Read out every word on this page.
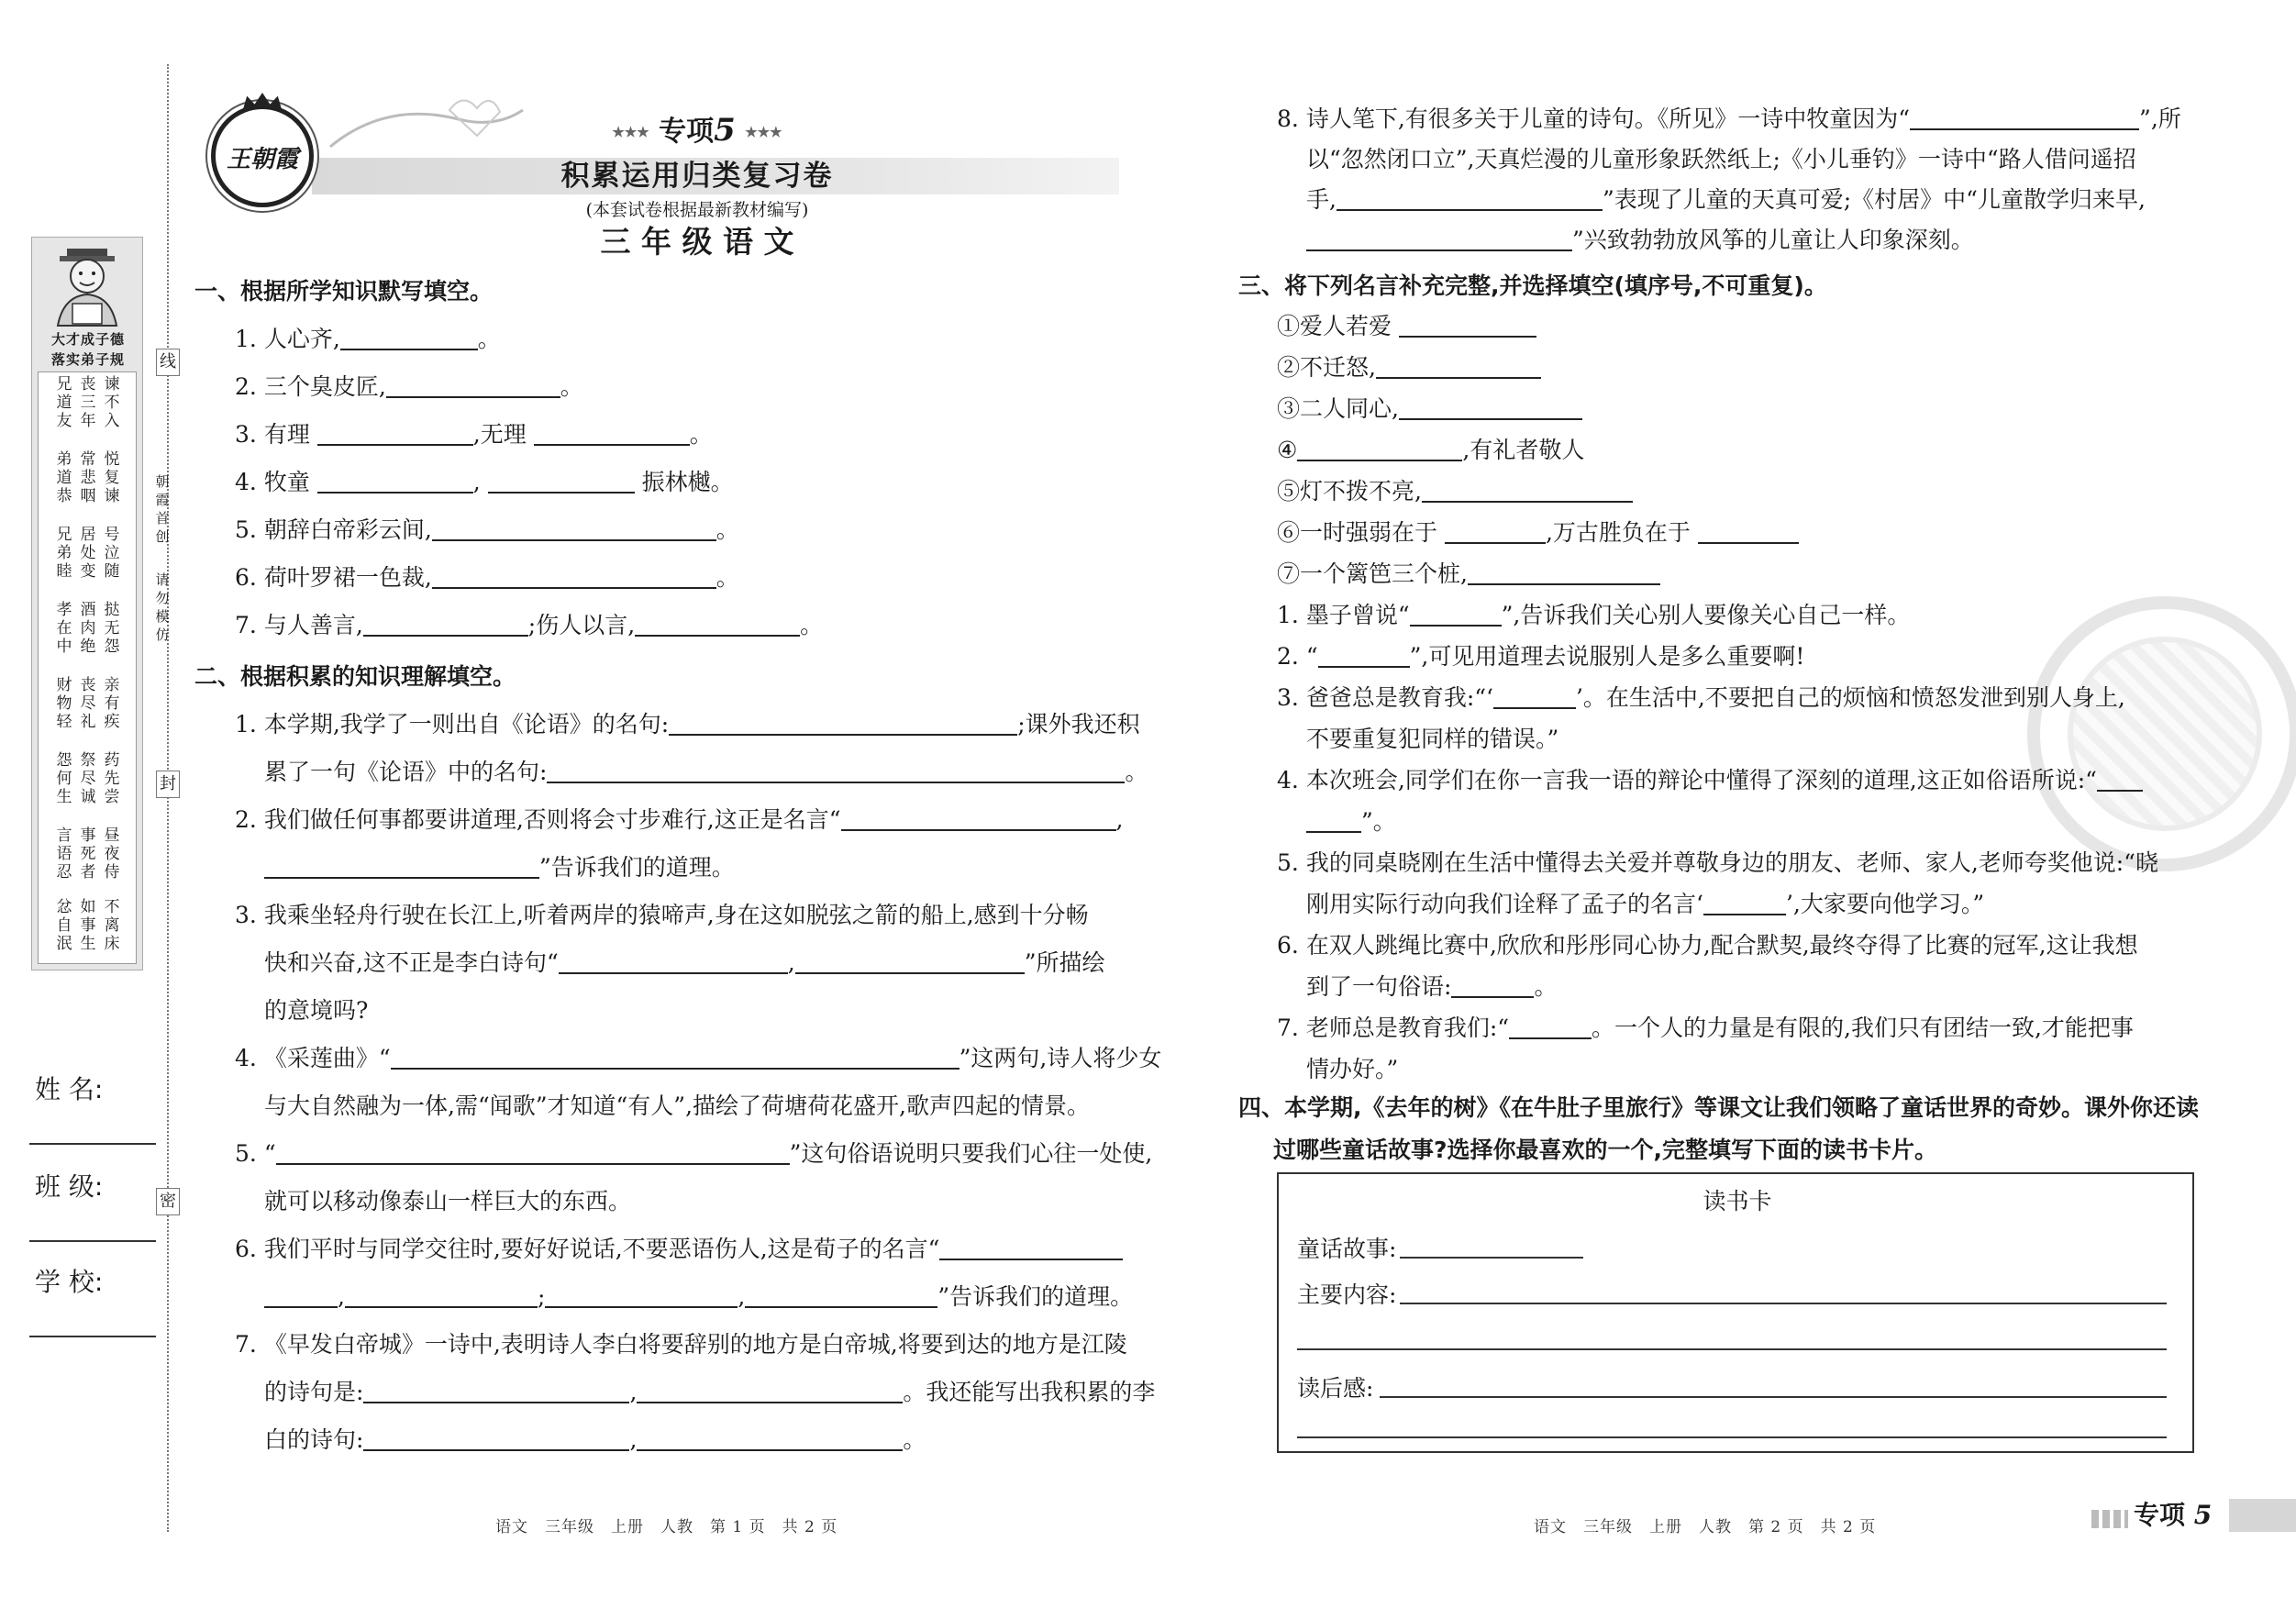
线
封
密
朝霞首创
请勿模仿
大才成子德
落实弟子规
兄道友
丧三年
谏不入
弟道恭
常悲咽
悦复谏
兄弟睦
居处变
号泣随
孝在中
酒肉绝
挞无怨
财物轻
丧尽礼
亲有疾
怨何生
祭尽诚
药先尝
言语忍
事死者
昼夜侍
忿自泯
如事生
不离床
姓 名:
班 级:
学 校:
王朝霞
★★★ 专项5 ★★★
积累运用归类复习卷
(本套试卷根据最新教材编写)
三 年 级 语 文
一、根据所学知识默写填空。
1. 人心齐,	。
2. 三个臭皮匠,	。
3. 有理	,无理	。
4. 牧童	,	振林樾。
5. 朝辞白帝彩云间,	。
6. 荷叶罗裙一色裁,	。
7. 与人善言,	;伤人以言,	。
二、根据积累的知识理解填空。
1. 本学期,我学了一则出自《论语》的名句:	;课外我还积
累了一句《论语》中的名句:	。
2. 我们做任何事都要讲道理,否则将会寸步难行,这正是名言“	,
”告诉我们的道理。
3. 我乘坐轻舟行驶在长江上,听着两岸的猿啼声,身在这如脱弦之箭的船上,感到十分畅
快和兴奋,这不正是李白诗句“	,	”所描绘
的意境吗?
4. 《采莲曲》“	”这两句,诗人将少女
与大自然融为一体,需“闻歌”才知道“有人”,描绘了荷塘荷花盛开,歌声四起的情景。
5. “	”这句俗语说明只要我们心往一处使,
就可以移动像泰山一样巨大的东西。
6. 我们平时与同学交往时,要好好说话,不要恶语伤人,这是荀子的名言“
,	;	,	”告诉我们的道理。
7. 《早发白帝城》一诗中,表明诗人李白将要辞别的地方是白帝城,将要到达的地方是江陵
的诗句是:	,	。我还能写出我积累的李
白的诗句:	,	。
8. 诗人笔下,有很多关于儿童的诗句。《所见》一诗中牧童因为“	”,所
以“忽然闭口立”,天真烂漫的儿童形象跃然纸上;《小儿垂钓》一诗中“路人借问遥招
手,	”表现了儿童的天真可爱;《村居》中“儿童散学归来早,
”兴致勃勃放风筝的儿童让人印象深刻。
三、将下列名言补充完整,并选择填空(填序号,不可重复)。
①爱人若爱
②不迁怒,
③二人同心,
④	,有礼者敬人
⑤灯不拨不亮,
⑥一时强弱在于	,万古胜负在于
⑦一个篱笆三个桩,
1. 墨子曾说“	”,告诉我们关心别人要像关心自己一样。
2. “	”,可见用道理去说服别人是多么重要啊!
3. 爸爸总是教育我:“‘	’。在生活中,不要把自己的烦恼和愤怒发泄到别人身上,
不要重复犯同样的错误。”
4. 本次班会,同学们在你一言我一语的辩论中懂得了深刻的道理,这正如俗语所说:“
”。
5. 我的同桌晓刚在生活中懂得去关爱并尊敬身边的朋友、老师、家人,老师夸奖他说:“晓
刚用实际行动向我们诠释了孟子的名言‘	’,大家要向他学习。”
6. 在双人跳绳比赛中,欣欣和彤彤同心协力,配合默契,最终夺得了比赛的冠军,这让我想
到了一句俗语:	。
7. 老师总是教育我们:“	。一个人的力量是有限的,我们只有团结一致,才能把事
情办好。”
四、本学期,《去年的树》《在牛肚子里旅行》等课文让我们领略了童话世界的奇妙。课外你还读
过哪些童话故事?选择你最喜欢的一个,完整填写下面的读书卡片。
读书卡
童话故事:
主要内容:
读后感:
语文　三年级　上册　人教　第 1 页　共 2 页	语文　三年级　上册　人教　第 2 页　共 2 页	专项 5
